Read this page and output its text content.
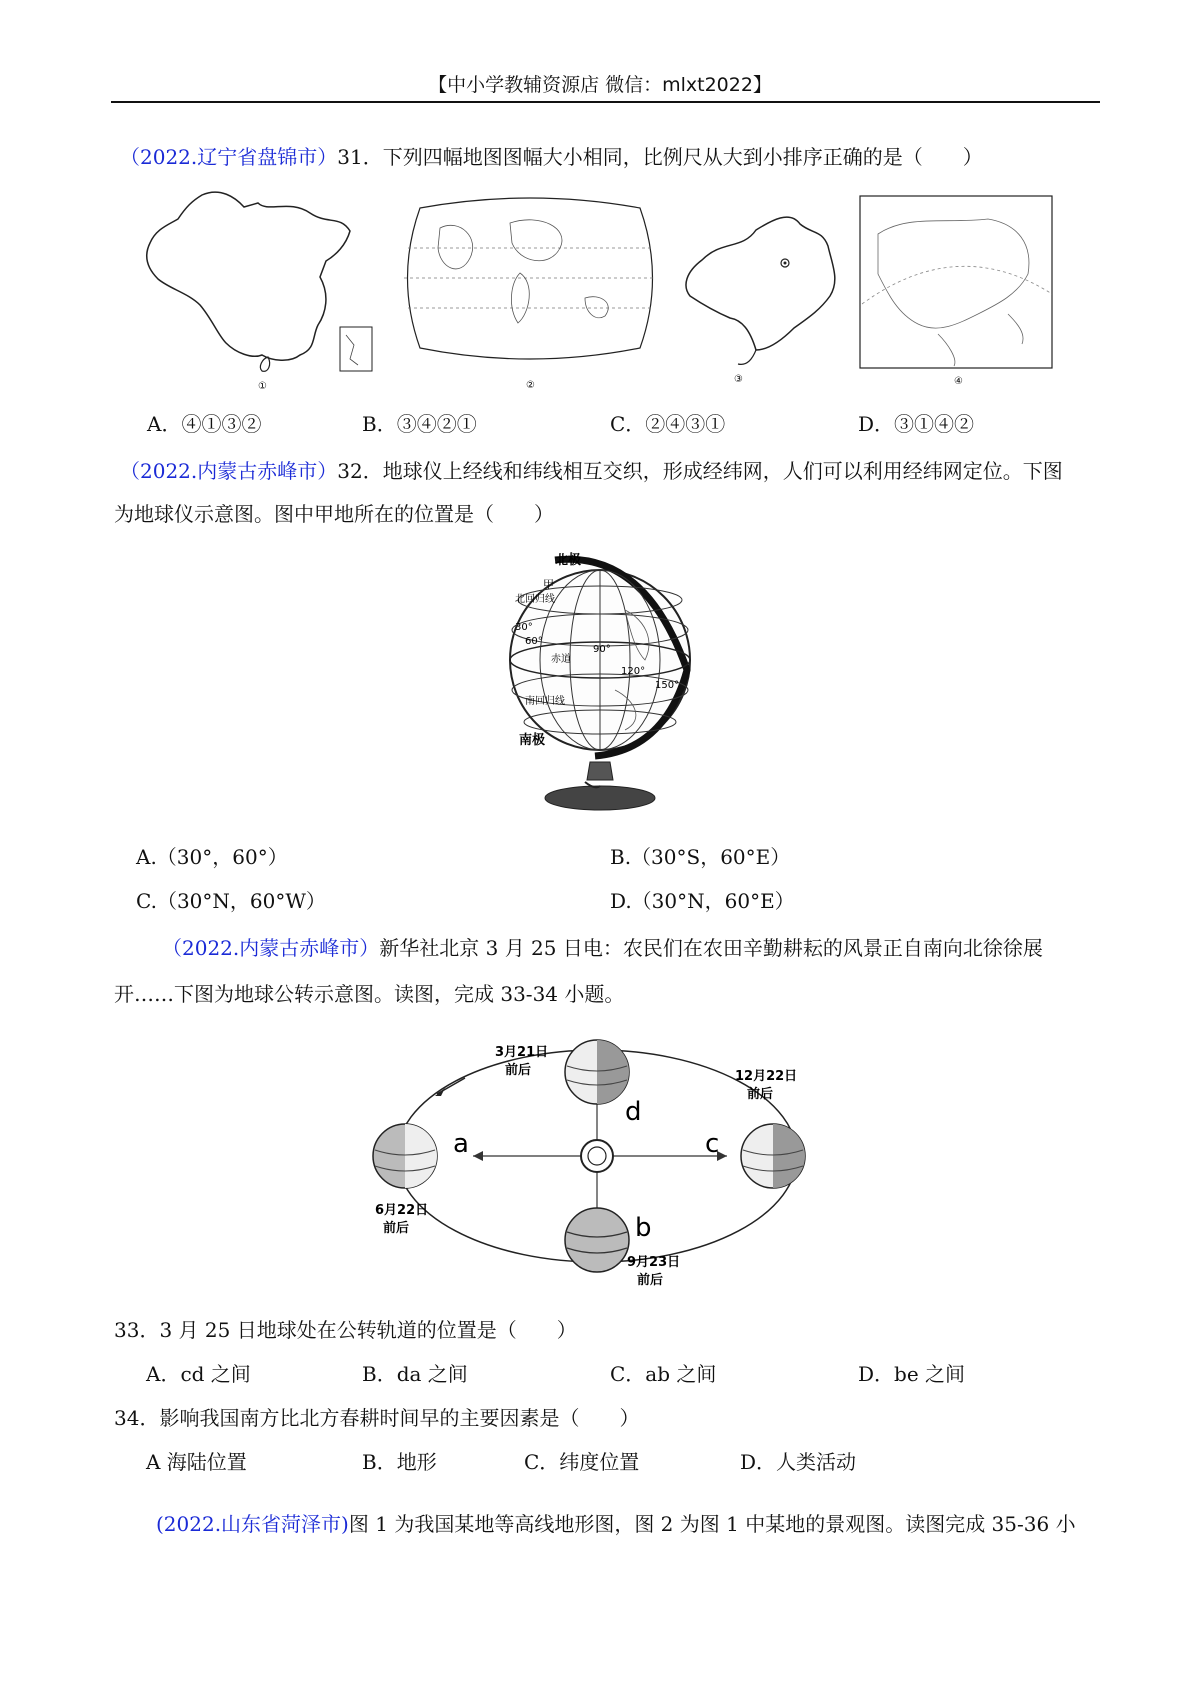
【中小学教辅资源店 微信：mlxt2022】
（2022.辽宁省盘锦市）31．下列四幅地图图幅大小相同，比例尺从大到小排序正确的是（　　）
①	②
③	④
A．④①③②	B．③④②①	C．②④③①	D．③①④②
（2022.内蒙古赤峰市）32．地球仪上经线和纬线相互交织，形成经纬网，人们可以利用经纬网定位。下图
为地球仪示意图。图中甲地所在的位置是（　　）
北极
甲
北回归线
30°
60°
赤道
90°
120°
150°
南回归线
南极
A.（30°，60°）	B.（30°S，60°E）
C.（30°N，60°W）	D.（30°N，60°E）
（2022.内蒙古赤峰市）新华社北京 3 月 25 日电：农民们在农田辛勤耕耘的风景正自南向北徐徐展
开……下图为地球公转示意图。读图，完成 33-34 小题。
3月21日
前后
d
12月22日
前后
c
a
6月22日
前后	b
9月23日
前后
33．3 月 25 日地球处在公转轨道的位置是（　　）
A．cd 之间	B．da 之间	C．ab 之间	D．be 之间
34．影响我国南方比北方春耕时间早的主要因素是（　　）
A 海陆位置	B．地形	C．纬度位置	D．人类活动
(2022.山东省菏泽市)图 1 为我国某地等高线地形图，图 2 为图 1 中某地的景观图。读图完成 35-36 小
